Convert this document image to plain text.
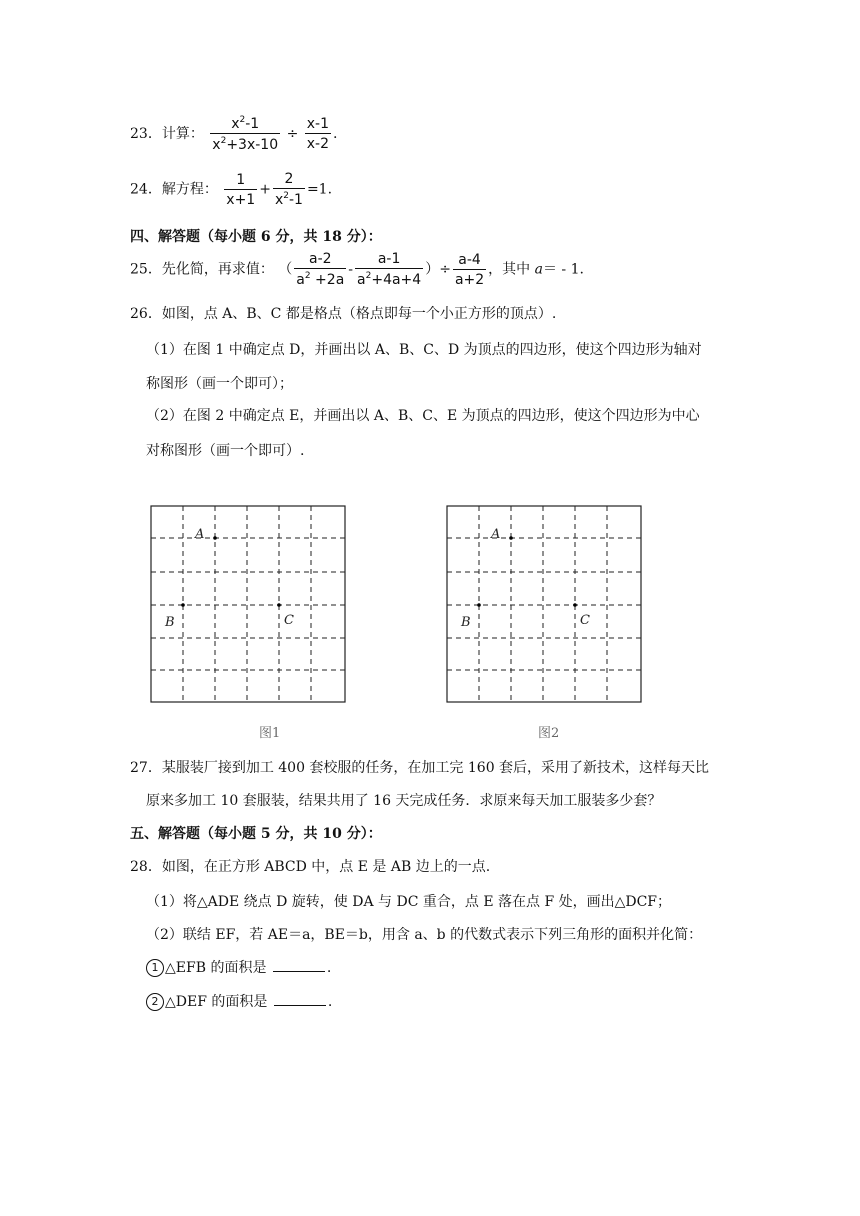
23．计算： $\frac{x^2-1}{x^2+3x-10} \div \frac{x-1}{x-2}$ .
24．解方程： $\frac{1}{x+1} + \frac{2}{x^2-1} =1$.
四、解答题（每小题 6 分，共 18 分）：
25．先化简，再求值： （ $\frac{a-2}{a^2 +2a} - \frac{a-1}{a^2+4a+4}$ ）÷ $\frac{a-4}{a+2}$ ，其中 a＝ - 1.
26．如图，点 A、B、C 都是格点（格点即每一个小正方形的顶点）.
（1）在图 1 中确定点 D，并画出以 A、B、C、D 为顶点的四边形，使这个四边形为轴对
称图形（画一个即可）；
（2）在图 2 中确定点 E，并画出以 A、B、C、E 为顶点的四边形，使这个四边形为中心
对称图形（画一个即可）.
A
B	C
图1
A
B	C
图2
27．某服装厂接到加工 400 套校服的任务，在加工完 160 套后，采用了新技术，这样每天比
原来多加工 10 套服装，结果共用了 16 天完成任务．求原来每天加工服装多少套？
五、解答题（每小题 5 分，共 10 分）：
28．如图，在正方形 ABCD 中，点 E 是 AB 边上的一点.
（1）将△ADE 绕点 D 旋转，使 DA 与 DC 重合，点 E 落在点 F 处，画出△DCF；
（2）联结 EF，若 AE＝a，BE＝b，用含 a、b 的代数式表示下列三角形的面积并化简：
1 △EFB 的面积是	.
2 △DEF 的面积是	.
